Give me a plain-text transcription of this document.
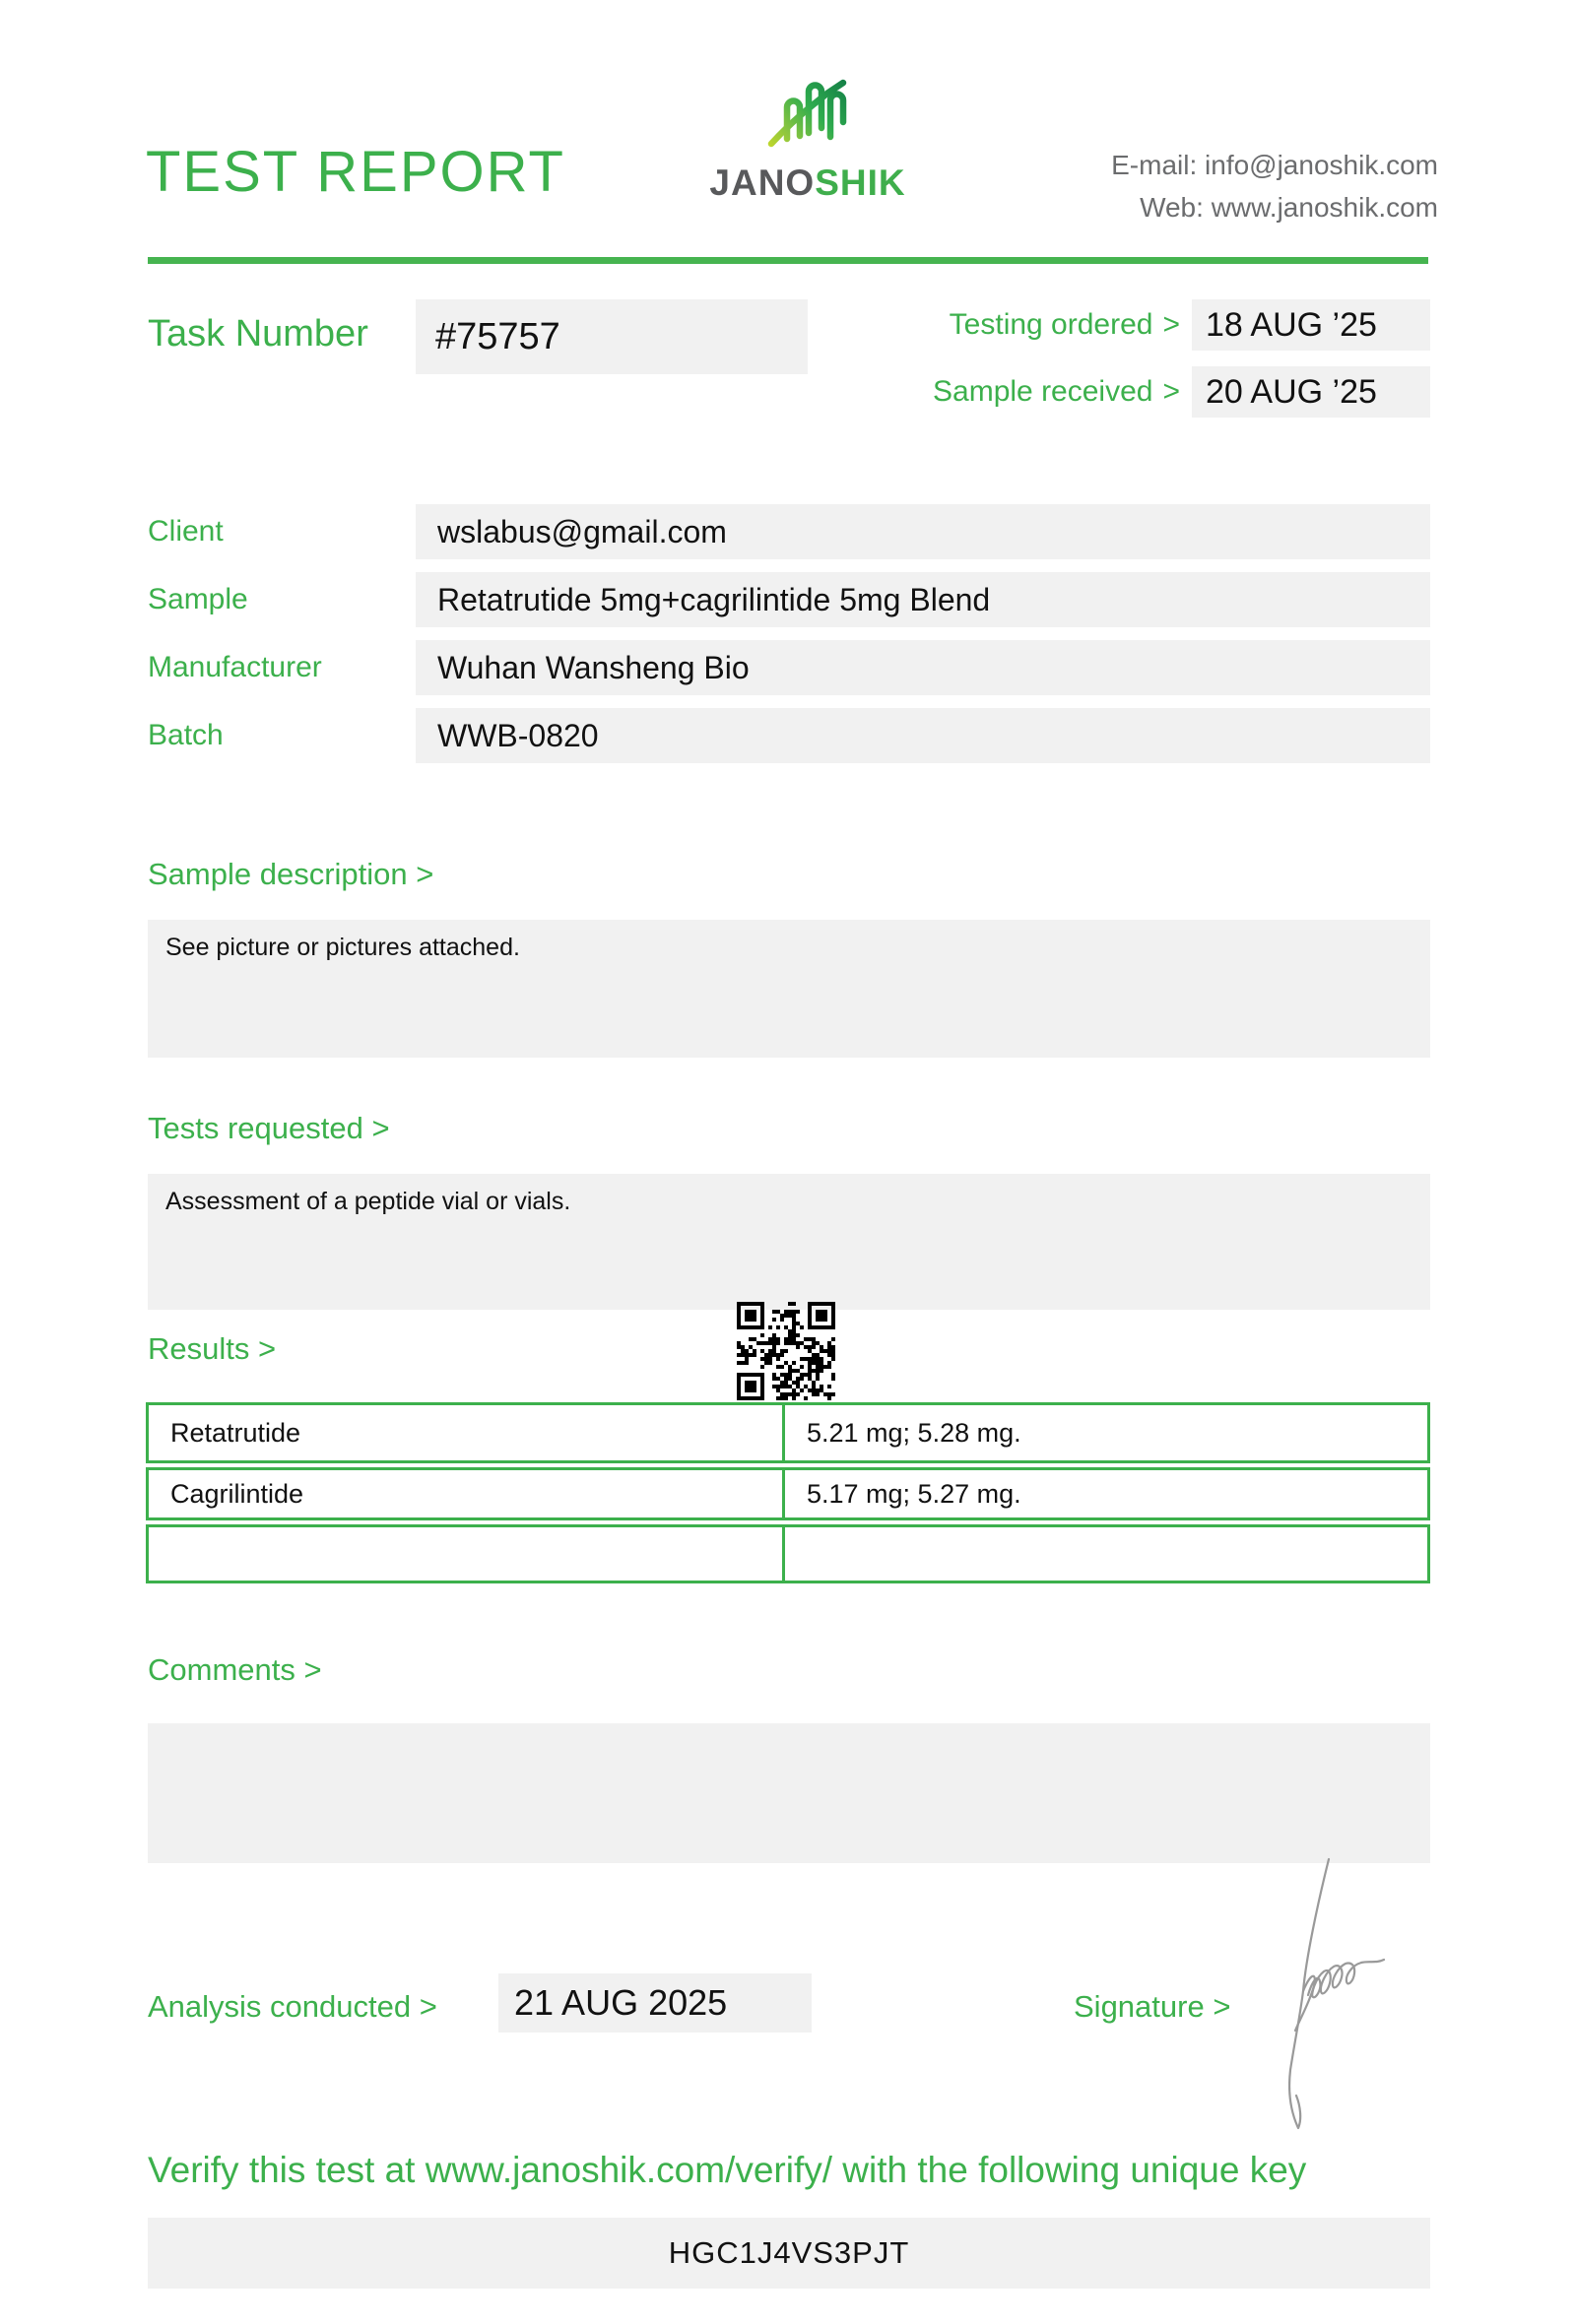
TEST REPORT	JANOSHIK	E-mail: info@janoshik.com
Web: www.janoshik.com
Task Number	#75757	Testing ordered > 18 AUG ’25
Sample received > 20 AUG ’25
Client	wslabus@gmail.com
Sample	Retatrutide 5mg+cagrilintide 5mg Blend
Manufacturer	Wuhan Wansheng Bio
Batch	WWB-0820
Sample description >
See picture or pictures attached.
Tests requested >
Assessment of a peptide vial or vials.
Results >
Retatrutide	5.21 mg; 5.28 mg.
Cagrilintide	5.17 mg; 5.27 mg.
Comments >
Analysis conducted >	21 AUG 2025	Signature >
Verify this test at www.janoshik.com/verify/ with the following unique key
HGC1J4VS3PJT
